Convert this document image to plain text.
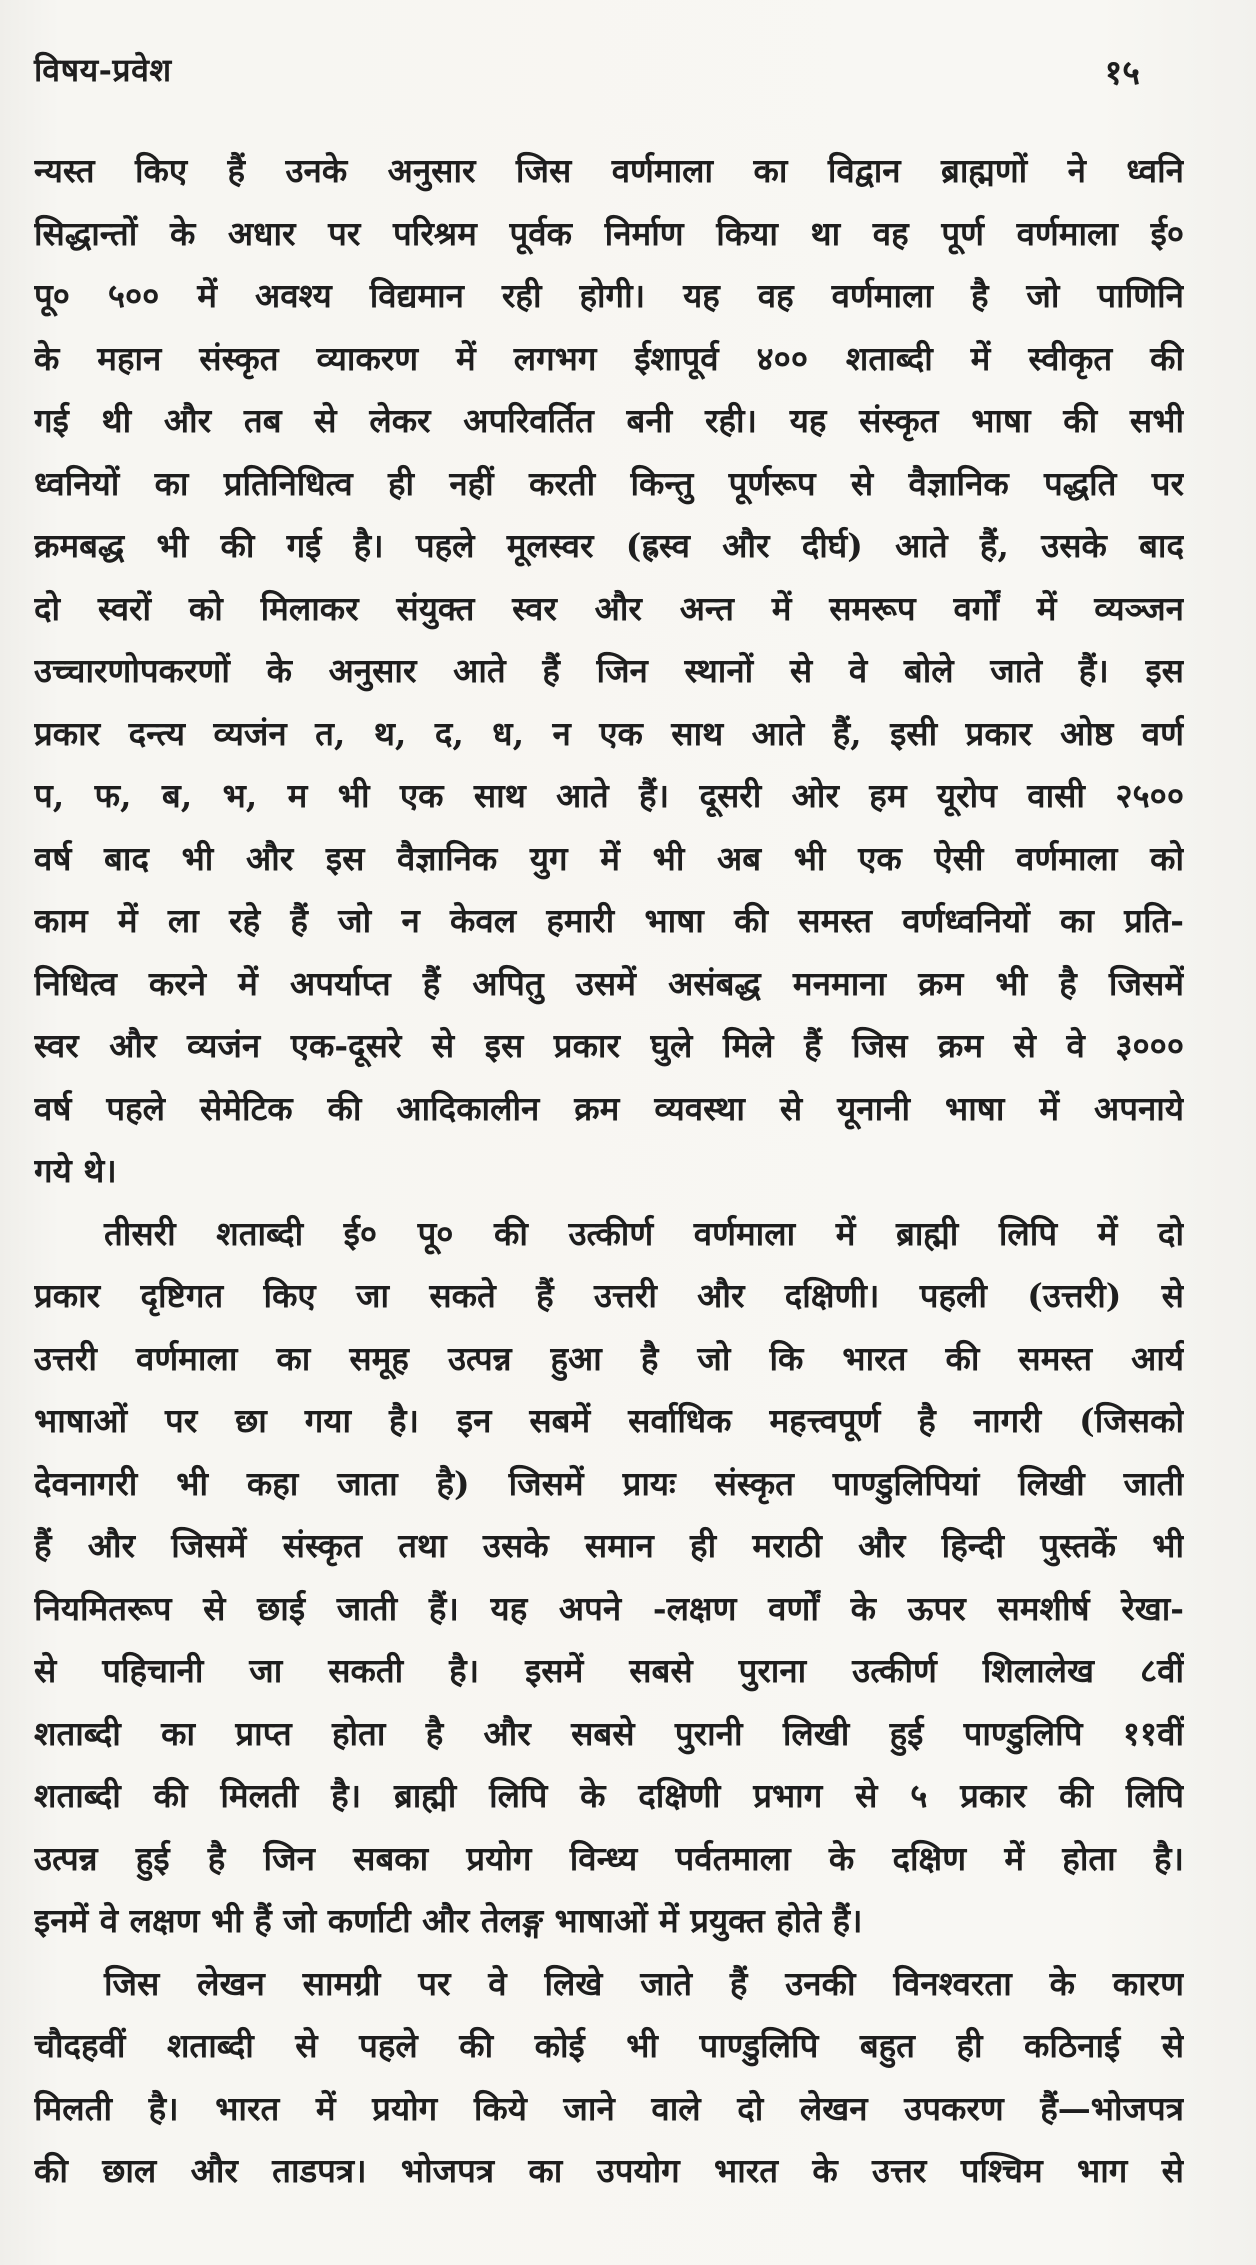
विषय-प्रवेश	१५
न्यस्त किए हैं उनके अनुसार जिस वर्णमाला का विद्वान ब्राह्मणों ने ध्वनि
सिद्धान्तों के अधार पर परिश्रम पूर्वक निर्माण किया था वह पूर्ण वर्णमाला ई०
पू० ५०० में अवश्य विद्यमान रही होगी। यह वह वर्णमाला है जो पाणिनि
के महान संस्कृत व्याकरण में लगभग ईशापूर्व ४०० शताब्दी में स्वीकृत की
गई थी और तब से लेकर अपरिवर्तित बनी रही। यह संस्कृत भाषा की सभी
ध्वनियों का प्रतिनिधित्व ही नहीं करती किन्तु पूर्णरूप से वैज्ञानिक पद्धति पर
क्रमबद्ध भी की गई है। पहले मूलस्वर (ह्रस्व और दीर्घ) आते हैं, उसके बाद
दो स्वरों को मिलाकर संयुक्त स्वर और अन्त में समरूप वर्गों में व्यञ्जन
उच्चारणोपकरणों के अनुसार आते हैं जिन स्थानों से वे बोले जाते हैं। इस
प्रकार दन्त्य व्यजंन त, थ, द, ध, न एक साथ आते हैं, इसी प्रकार ओष्ठ वर्ण
प, फ, ब, भ, म भी एक साथ आते हैं। दूसरी ओर हम यूरोप वासी २५००
वर्ष बाद भी और इस वैज्ञानिक युग में भी अब भी एक ऐसी वर्णमाला को
काम में ला रहे हैं जो न केवल हमारी भाषा की समस्त वर्णध्वनियों का प्रति-
निधित्व करने में अपर्याप्त हैं अपितु उसमें असंबद्ध मनमाना क्रम भी है जिसमें
स्वर और व्यजंन एक-दूसरे से इस प्रकार घुले मिले हैं जिस क्रम से वे ३०००
वर्ष पहले सेमेटिक की आदिकालीन क्रम व्यवस्था से यूनानी भाषा में अपनाये
गये थे।
तीसरी शताब्दी ई० पू० की उत्कीर्ण वर्णमाला में ब्राह्मी लिपि में दो
प्रकार दृष्टिगत किए जा सकते हैं उत्तरी और दक्षिणी। पहली (उत्तरी) से
उत्तरी वर्णमाला का समूह उत्पन्न हुआ है जो कि भारत की समस्त आर्य
भाषाओं पर छा गया है। इन सबमें सर्वाधिक महत्त्वपूर्ण है नागरी (जिसको
देवनागरी भी कहा जाता है) जिसमें प्रायः संस्कृत पाण्डुलिपियां लिखी जाती
हैं और जिसमें संस्कृत तथा उसके समान ही मराठी और हिन्दी पुस्तकें भी
नियमितरूप से छाई जाती हैं। यह अपने -लक्षण वर्णों के ऊपर समशीर्ष रेखा-
से पहिचानी जा सकती है। इसमें सबसे पुराना उत्कीर्ण शिलालेख ८वीं
शताब्दी का प्राप्त होता है और सबसे पुरानी लिखी हुई पाण्डुलिपि ११वीं
शताब्दी की मिलती है। ब्राह्मी लिपि के दक्षिणी प्रभाग से ५ प्रकार की लिपि
उत्पन्न हुई है जिन सबका प्रयोग विन्ध्य पर्वतमाला के दक्षिण में होता है।
इनमें वे लक्षण भी हैं जो कर्णाटी और तेलङ्ग भाषाओं में प्रयुक्त होते हैं।
जिस लेखन सामग्री पर वे लिखे जाते हैं उनकी विनश्वरता के कारण
चौदहवीं शताब्दी से पहले की कोई भी पाण्डुलिपि बहुत ही कठिनाई से
मिलती है। भारत में प्रयोग किये जाने वाले दो लेखन उपकरण हैं—भोजपत्र
की छाल और ताडपत्र। भोजपत्र का उपयोग भारत के उत्तर पश्चिम भाग से
